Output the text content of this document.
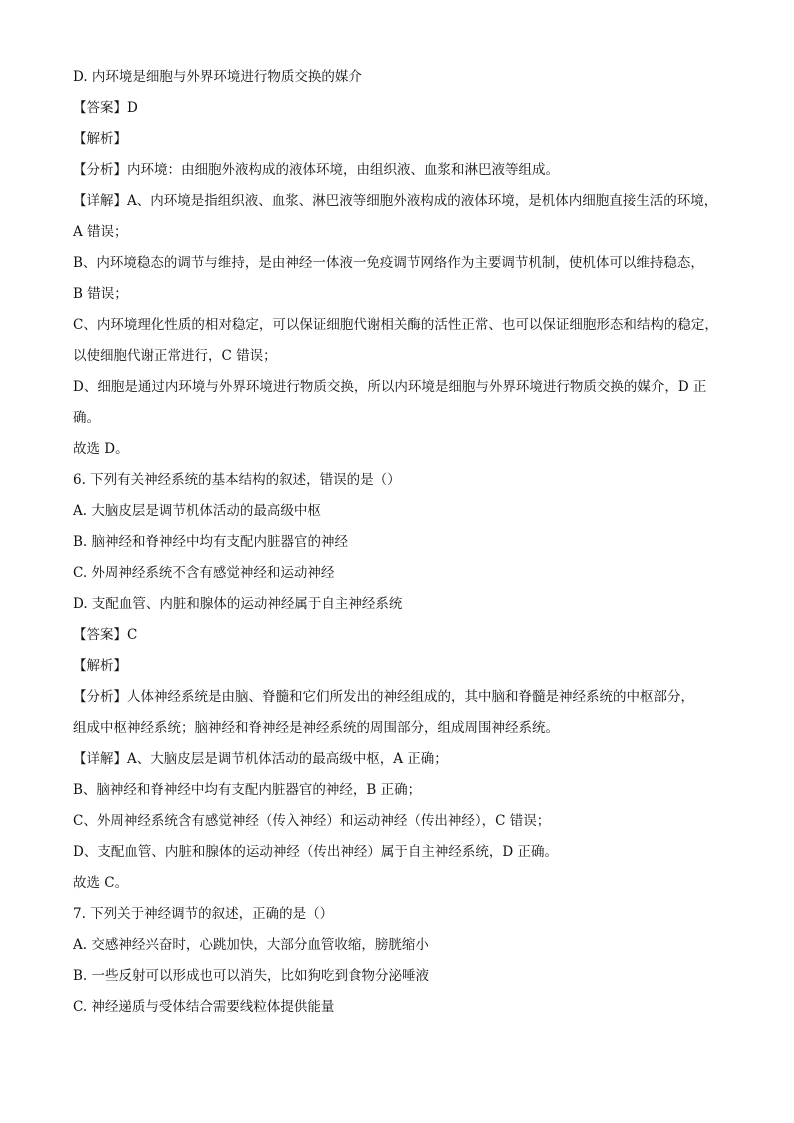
D. 内环境是细胞与外界环境进行物质交换的媒介
【答案】D
【解析】
【分析】内环境：由细胞外液构成的液体环境，由组织液、血浆和淋巴液等组成。
【详解】A、内环境是指组织液、血浆、淋巴液等细胞外液构成的液体环境，是机体内细胞直接生活的环境，
A 错误；
B、内环境稳态的调节与维持，是由神经一体液一免疫调节网络作为主要调节机制，使机体可以维持稳态，
B 错误；
C、内环境理化性质的相对稳定，可以保证细胞代谢相关酶的活性正常、也可以保证细胞形态和结构的稳定，
以使细胞代谢正常进行，C 错误；
D、细胞是通过内环境与外界环境进行物质交换，所以内环境是细胞与外界环境进行物质交换的媒介，D 正
确。
故选 D。
6. 下列有关神经系统的基本结构的叙述，错误的是（）
A. 大脑皮层是调节机体活动的最高级中枢
B. 脑神经和脊神经中均有支配内脏器官的神经
C. 外周神经系统不含有感觉神经和运动神经
D. 支配血管、内脏和腺体的运动神经属于自主神经系统
【答案】C
【解析】
【分析】人体神经系统是由脑、脊髓和它们所发出的神经组成的，其中脑和脊髓是神经系统的中枢部分，
组成中枢神经系统；脑神经和脊神经是神经系统的周围部分，组成周围神经系统。
【详解】A、大脑皮层是调节机体活动的最高级中枢，A 正确；
B、脑神经和脊神经中均有支配内脏器官的神经，B 正确；
C、外周神经系统含有感觉神经（传入神经）和运动神经（传出神经），C 错误；
D、支配血管、内脏和腺体的运动神经（传出神经）属于自主神经系统，D 正确。
故选 C。
7. 下列关于神经调节的叙述，正确的是（）
A. 交感神经兴奋时，心跳加快，大部分血管收缩，膀胱缩小
B. 一些反射可以形成也可以消失，比如狗吃到食物分泌唾液
C. 神经递质与受体结合需要线粒体提供能量
